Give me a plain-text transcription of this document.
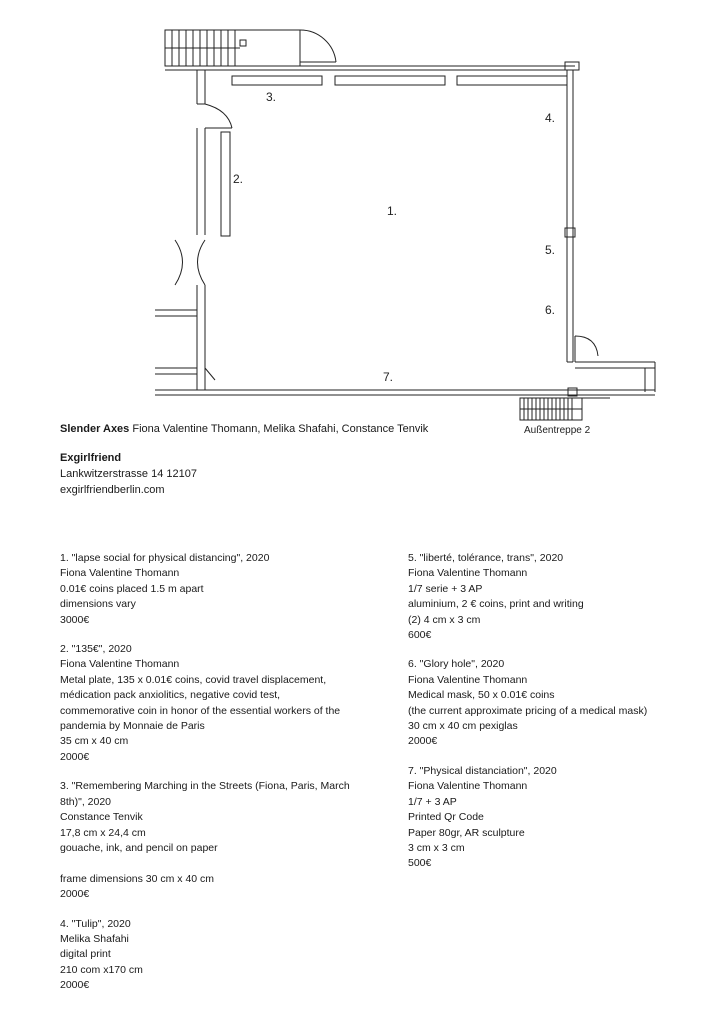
3.
4.
2.
1.
5.
6.
7.
Außentreppe 2
Slender Axes Fiona Valentine Thomann, Melika Shafahi, Constance Tenvik
Exgirlfriend
Lankwitzerstrasse 14 12107
exgirlfriendberlin.com
1. "lapse social for physical distancing", 2020
Fiona Valentine Thomann
0.01€ coins placed 1.5 m apart
dimensions vary
3000€
2. "135€", 2020
Fiona Valentine Thomann
Metal plate, 135 x 0.01€ coins, covid travel displacement,
médication pack anxiolitics, negative covid test,
commemorative coin in honor of the essential workers of the
pandemia by Monnaie de Paris
35 cm x 40 cm
2000€
3. "Remembering Marching in the Streets (Fiona, Paris, March
8th)", 2020
Constance Tenvik
17,8 cm x 24,4 cm
gouache, ink, and pencil on paper
frame dimensions 30 cm x 40 cm
2000€
4. "Tulip", 2020
Melika Shafahi
digital print
210 com x170 cm
2000€
5. "liberté, tolérance, trans", 2020
Fiona Valentine Thomann
1/7 serie + 3 AP
aluminium, 2 € coins, print and writing
(2) 4 cm x 3 cm
600€
6. "Glory hole", 2020
Fiona Valentine Thomann
Medical mask, 50 x 0.01€ coins
(the current approximate pricing of a medical mask)
30 cm x 40 cm pexiglas
2000€
7. "Physical distanciation", 2020
Fiona Valentine Thomann
1/7 + 3 AP
Printed Qr Code
Paper 80gr, AR sculpture
3 cm x 3 cm
500€
